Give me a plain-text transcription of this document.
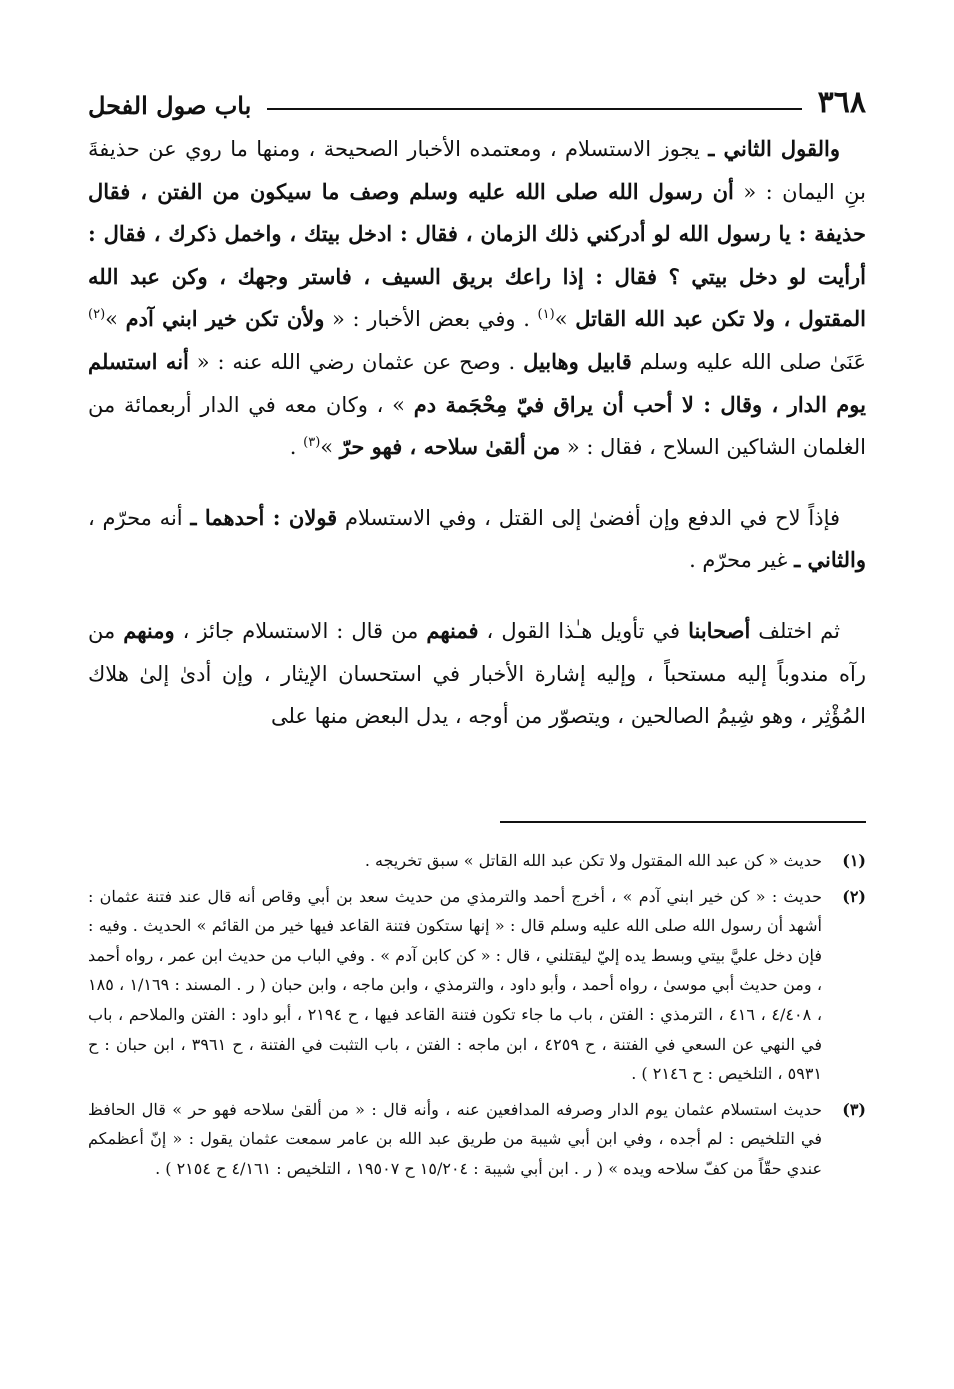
٣٦٨
باب صول الفحل

والقول الثاني ـ يجوز الاستسلام ، ومعتمده الأخبار الصحيحة ، ومنها ما روي عن حذيفةَ بنِ اليمان : « أن رسول الله صلى الله عليه وسلم وصف ما سيكون من الفتن ، فقال حذيفة : يا رسول الله لو أدركني ذلك الزمان ، فقال : ادخل بيتك ، واخمل ذكرك ، فقال : أرأيت لو دخل بيتي ؟ فقال : إذا راعك بريق السيف ، فاستر وجهك ، وكن عبد الله المقتول ، ولا تكن عبد الله القاتل »$^{(١)}$ . وفي بعض الأخبار : « ولأن تكن خير ابني آدم »$^{(٢)}$ عَنَىٰ صلى الله عليه وسلم قابيل وهابيل . وصح عن عثمان رضي الله عنه : « أنه استسلم يوم الدار ، وقال : لا أحب أن يراق فيّ مِحْجَمة دم » ، وكان معه في الدار أربعمائة من الغلمان الشاكين السلاح ، فقال : « من ألقىٰ سلاحه ، فهو حرّ »$^{(٣)}$ .

فإذاً لاح في الدفع وإن أفضىٰ إلى القتل ، وفي الاستسلام قولان : أحدهما ـ أنه محرّم ، والثاني ـ غير محرّم .

ثم اختلف أصحابنا في تأويل هـٰذا القول ، فمنهم من قال : الاستسلام جائز ، ومنهم من رآه مندوباً إليه مستحباً ، وإليه إشارة الأخبار في استحسان الإيثار ، وإن أدىٰ إلىٰ هلاك المُؤْثِر ، وهو شِيمُ الصالحين ، ويتصوّر من أوجه ، يدل البعض منها على

(١)
حديث « كن عبد الله المقتول ولا تكن عبد الله القاتل » سبق تخريجه .
(٢)
حديث : « كن خير ابني آدم » ، أخرج أحمد والترمذي من حديث سعد بن أبي وقاص أنه قال عند فتنة عثمان : أشهد أن رسول الله صلى الله عليه وسلم قال : « إنها ستكون فتنة القاعد فيها خير من القائم » الحديث . وفيه : فإن دخل عليَّ بيتي وبسط يده إليّ ليقتلني ، قال : « كن كابن آدم » . وفي الباب من حديث ابن عمر ، رواه أحمد ، ومن حديث أبي موسىٰ ، رواه أحمد ، وأبو داود ، والترمذي ، وابن ماجه ، وابن حبان ( ر . المسند : ١/١٦٩ ، ١٨٥ ، ٤/٤٠٨ ، ٤١٦ ، الترمذي : الفتن ، باب ما جاء تكون فتنة القاعد فيها ، ح ٢١٩٤ ، أبو داود : الفتن والملاحم ، باب في النهي عن السعي في الفتنة ، ح ٤٢٥٩ ، ابن ماجه : الفتن ، باب التثبت في الفتنة ، ح ٣٩٦١ ، ابن حبان : ح ٥٩٣١ ، التلخيص : ح ٢١٤٦ ) .
(٣)
حديث استسلام عثمان يوم الدار وصرفه المدافعين عنه ، وأنه قال : « من ألقىٰ سلاحه فهو حر » قال الحافظ في التلخيص : لم أجده ، وفي ابن أبي شيبة من طريق عبد الله بن عامر سمعت عثمان يقول : « إنّ أعظمكم عندي حقّاً من كفّ سلاحه ويده » ( ر . ابن أبي شيبة : ١٥/٢٠٤ ح ١٩٥٠٧ ، التلخيص : ٤/١٦١ ح ٢١٥٤ ) .
